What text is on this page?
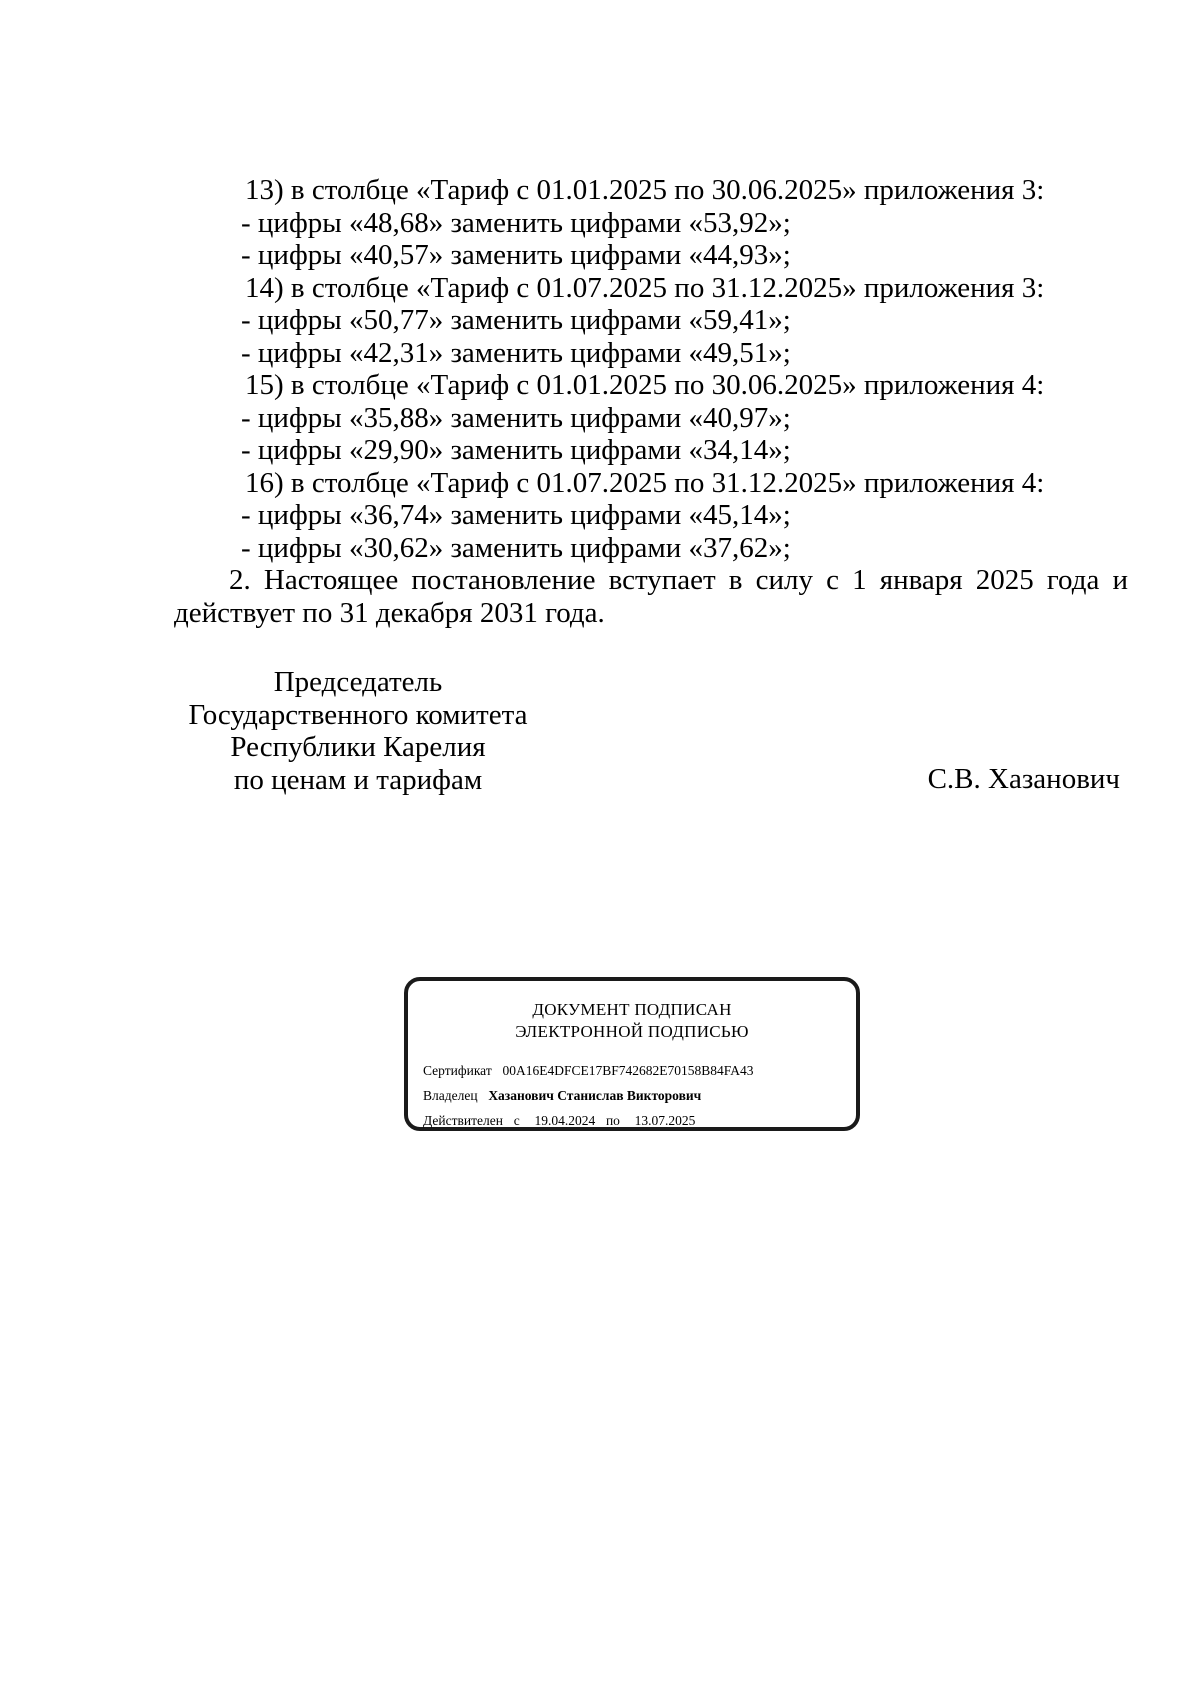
13) в столбце «Тариф с 01.01.2025 по 30.06.2025» приложения 3:
- цифры «48,68» заменить цифрами «53,92»;
- цифры «40,57» заменить цифрами «44,93»;
14) в столбце «Тариф с 01.07.2025 по 31.12.2025» приложения 3:
- цифры «50,77» заменить цифрами «59,41»;
- цифры «42,31» заменить цифрами «49,51»;
15) в столбце «Тариф с 01.01.2025 по 30.06.2025» приложения 4:
- цифры «35,88» заменить цифрами «40,97»;
- цифры «29,90» заменить цифрами «34,14»;
16) в столбце «Тариф с 01.07.2025 по 31.12.2025» приложения 4:
- цифры «36,74» заменить цифрами «45,14»;
- цифры «30,62» заменить цифрами «37,62»;
2. Настоящее постановление вступает в силу с 1 января 2025 года и действует по 31 декабря 2031 года.
Председатель
Государственного комитета
Республики Карелия
по ценам и тарифам	С.В. Хазанович
ДОКУМЕНТ ПОДПИСАН
ЭЛЕКТРОННОЙ ПОДПИСЬЮ
Сертификат 00A16E4DFCE17BF742682E70158B84FA43
Владелец Хазанович Станислав Викторович
Действителен с 19.04.2024 по 13.07.2025
